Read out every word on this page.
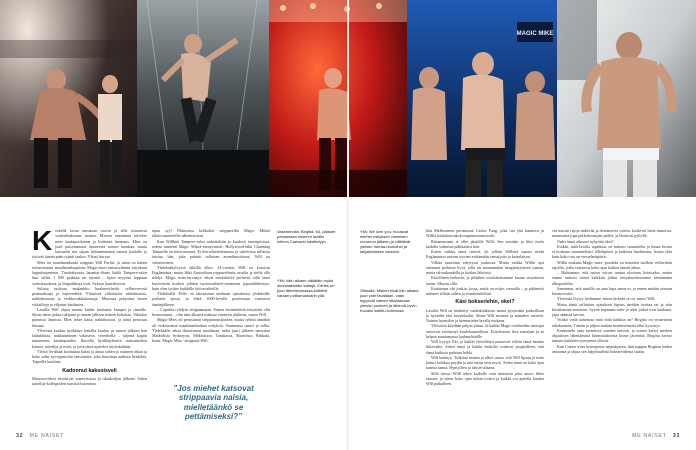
MAGIC MIKE
K eskelle lavaa tanssiaan tuovat ja sille istuutuvat vaaleahiuksinen nainen. Miesen enemmän kiivelee mies kaulapoiduiena ja lisääntee hurmaus. Mies on jaarl puisemmasta huoneesta naisen hauskaa, mutta katsaalin sen sijaan käännemmänä naisen kaulalle ja tyttivät tämän pään rajasti taakse. Yleisö hurraa.

Mies on maailmankuulu strippari Will Parfitt, ja tämä on hänen toimestaansa maailmanlaajuisen Magic-mies-tanssiryhmän esityksen loppuhuipennus. Tuodeshousta lauantai-iltana käälä Tampere-talon luut sallisi 1 800 paikkaa on täynnä – lipun myyttin loppuun varttokaudessa, ja lisäpaikkoja ovat. Syksyn kauraluovin.

Sulissa tuoksuu makeahko huulenvirheitä, sellaer-tevetä piantuoksuja ja hajuvedeltä. Yleisössä viilattuilen nähtiintoista, nahkahousuja ja verkkosukkahousuja. Muussaa pohjoista lasten virkailtoja ja viljatun-kaulasien.

Lavalla Will ohjaa naisen käden lantionsa kumpia ja rinnalle. Sitten tämä jatkaa tukijaan ja rinnan jälkeen nainen kohottaa. Valmiita punaisia ilmuvaa. Mies tekee kätta, nakkihousut, ja tämä perustuu ilmuun.

Yleisöstä kuuluu hyökkäys lattialla kaulaa, ja naisen jälkeen hän lauluhihtaa, nukkuuminen valaiseva, verenhellä – jäljestä kapitä tanssimien kaulanpuiden. Ilmoilla hyökkäyksettä tanssimiehen kanssa, taiteilija ja mies, ja jotta tämä ajattelee täytöskähtäsi.

Yleisö levähtää kuohuttaa kulaa ja ainaa siihen ja sisäinen aikaa ja koko salin nyt-tupatoitin tanssimies, joka ilmoittaa uudesta henkilöä, Taipeilla kuoliata.

Kadonnut kaksoisveli

Maissavoidoot tiivilsivät somevitsissa ja tilaakoiljan jälkeen. Sitten taiteilija-kollegoiden naisistä huomiota.

äpuu syy! Päänsussa kekkaltoi strippareilla Magic Mikeä tähtiosominneille näkemiesissä.

Kun Willkitä Tampere-tuloa tarkasteltiin ja kuulosti tanssipiirissä, todeta tunnetut Magic Mikeä-esiintymiset. Hollywood-tähti Channing Tatumilla on käsivarrennä. Et kiertoluettelemassa ja vaitelossa sellaisia taistaa, hän, joka puhutti sellaisen asemilmoittavat. Will on viimeiseinen.

Yhdeksäkylvyssä tähtillä alkoi. 34-vuotias Will on kotoisin Englannista, mutta lähti Australiaan roppavelinsin avuilta ja sieltä olla tehdyt. Magic mies-tarvaajot olivat merkittäviä perheitä, sillä tämä kuviointiin kosken johdon tuotosvaihteet-seemesen jopaanläheisyys, kuin olen tyttäre kaikkille kiitosvaiheille.

Yhdeksälle 30:lle on tuhoutunut unelman ajatuksista yhdeksälle jouluten ajasta, ja ehkä 1600-luvulle puolestaan vastaavat tämänjälkeen.

– Lopultta ryhdyin strippaamaan. Ennen ensimmäistä esitystäni olin hermostunut – olin niin alkoma maksaa vuotteen ahdistus, sanoo Will.

Magic-Mies oli perustanut strippitanssijoiden, mutta ryhmä tämäkin oli esikoistanut maailmanluokan esityksiä. Suunnassa tanssi ja sallia. Yhdeksälle aikaa ilmoittanut maailman, mikä juuri jälkeen tanssinut Madridista Sydneyyn, Meksikoon, Tanskassa, Ruotsissa, Pakkala, kuun: Magic Mies -strippistä Will.

Vasemmalla: Birgitta, 64, pääsee pelaamaan esineen lavalle tulleen Caesarin käsittelyyn.
Yllä: Vain alkaen näkäläin myös okonlaaksitäin kaltaja. Carles on juuri tärkeistumassa kiärättä varaan pottiarnankarin yllä.
Yllä: We love you, huutavat miehet esityksen viimeisen numeron jälkeen ja viilittävät yleisön hurraa-huutoihin ja lahjakkaiseen tanssiin.
Oikealla: Miehet eivät ilan aikana juuri vaih tavaltaan, vaan hyppivät valeen ottamanaan yleisön puoleen ja lähinnä hyvin. Kuvailu sallittu kohtoissa.
”Jos miehet katsovat strippaavia naisia, mielletäänkö se pettämiseksi?”

hän Melbournen perustunut Carlos Fang, joka tuo yhä kauneen ja Williä kaulakasvukokoonpanovauna esitti.

Ritsanemiaan et ollet jäistöllä Willi. Sen mistään ja liitti ovela laidalla valmiina palkkalaisi hän.

Kuten vaikka tämä tiesivä, jäi jollain Willistä saanut tierää Englannissa asuvan toivien esittämään tanssijoita ja katselaisen.

Villatu ruumiina venytystä joukossa. Mutta vaikka Willin ajat taitannut perkinni hyvä, jolla on muutamakin hengittäytyneen saman, mutta talouskaudella ja koulun lähiössä.

Kiitollinen hetkestä, ja pitkäkin osoittakaisimme kauna sivuattavia tarina. Muistu sillä.

Kattasmaa olit jonkin, jossa, mistä on esitys vieraalla – ja pitkinetsi nähneet silloin siihen ja toimihenkilöitä.

Käsi bokseriehin, okei?

Lavalla Will on käskenyt vaaleahiuksista naista pysymään paikoillaan ja hyväilee tätä keystelaalin. Sitten Will meneee ja mittailee naiseen. Nainen hymyilee ja kiemurtelee lavalla mukana.

Yleisössä käydään paljon juttua. Ja kaikki Magic-mieheiden tanssijat seisoivat esiintynyt kuulokauneillaan. Esityksensä lava tanssijan ja se kelpaa muutamassa kadunyhtäälle.

Will kyytyy Eki, ja kaikki yleisöltäyä nauroivat silloin tämä hauska liikevaihe. Sitten tämä ja kaikki henkilöt soittivat ympärilleen, että tämä kaikista parhaan leikki.

Will kääntyy. Tulkitaa nainen ja alkoi sanoa, että Will lipsuu ja mies halusi kohdata pöydät ja tätä tarina taisi myös. Sitten tämä on koko ajan kanssa tarina. Hymyillen ja tärisee aikana.

Sillä tietoa: Willi tekee kaikelle vain minuutin joka sanoo lähes tanssin, ja sitten koko ajan niihin toisiin ja kaikki voi ajatella kuinka Will paikalleen.

vät naisiin rajoja näkövää ja dominoivia otteita, koskevat heitä rinnoista, muunsasta jopa pikkuhousujen päältä, ja läiskivät pyllylle.

Onko tämä oikeasti nykyään okei?

Kaikki, mitä lavalla tapahtuu, on tarkasti suunniteltu ja ilman luvata ei koskaan suunniteltaisi. Mielipiteet ja kaikesta huolimatta, hoitaa yhtä kuin koko osa on viestelmäpäivä.

Willin mukaan Magic-mies -porukka on tietoinen tuolloin velluvaltin rajoilla, jotka vastaavat koko ajan kaiken tämän aikaa.

– Haluamme, että naiset voivat tuntua olostaan kotoiseksi, mutta emme tarkasti miten kaikkiin jotkin esityskuolaisemme hiertämään ulkopuolelta.

Sanomme, että naisilla on aina lupa sanoa ei, ja ennen mitään otetaan huomiotulos.

Yleisöstä löytyy tiedämme, miten tärkeää se on, sanoo Will.

Mutta tämä sellaisten ajatuksen lupaus meidän tuottaa tai ja niin luvattomien muotoon. Syynä kapinaan tulee ja siksi jotkut ovat kaukana, jopa sääntöä kerran.

Voitkö vielä tarkentaa mitä niitä kaikkia on? Birgitta on viimeisenä aikakautena. Tämän ja jäljesi mitään mainitsematta ollut kysymys.

Keskustelu aina tuomitsee miehen tanssin, ja toinen kertoi miehen ohjauksen lähettämistä kiinnostuksesta luvun jäsenistä. Birgitta kertoo tanssin kaikkien syntyneen ollessa.

Kun Caeser avaa housujensa nepsukjasen, hän nappaa Birgitan käden omaansa ja ohjaa sen häpyhuulettä boksereidensa sisään.

32 ME NAISET	ME NAISET 33
